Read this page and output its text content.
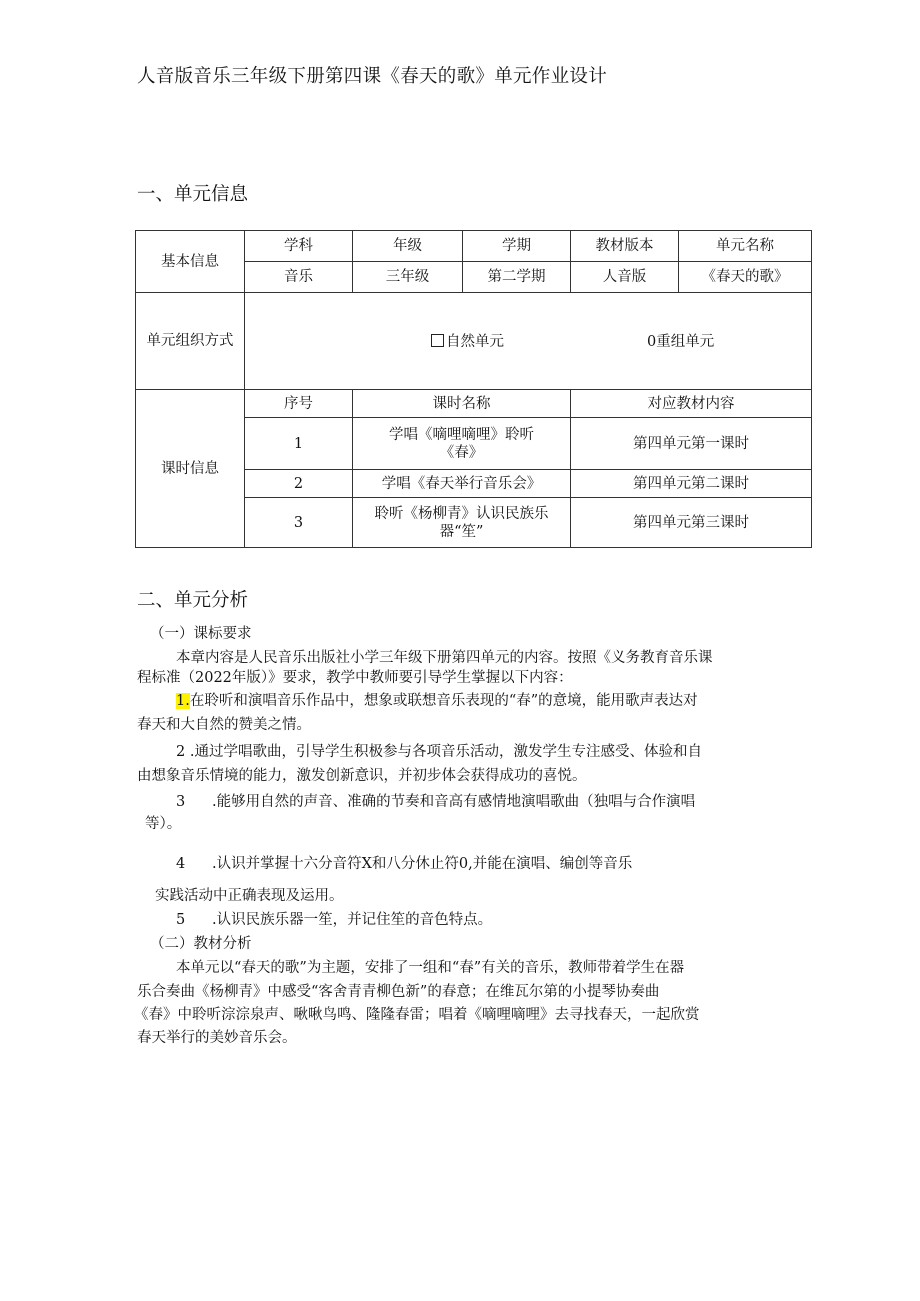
人音版音乐三年级下册第四课《春天的歌》单元作业设计
一、单元信息
基本信息	学科	年级	学期	教材版本	单元名称
	音乐	三年级	第二学期	人音版	《春天的歌》
单元组织方式	自然单元 0重组单元				

课时信息	序号	课时名称		对应教材内容	
	1	学唱《嘀哩嘀哩》聆听
《春》		第四单元第一课时	
	2	学唱《春天举行音乐会》		第四单元第二课时	
	3	聆听《杨柳青》认识民族乐
器“笙”		第四单元第三课时	
二、单元分析
（一）课标要求
本章内容是人民音乐出版社小学三年级下册第四单元的内容。按照《义务教育音乐课
程标准（2022年版）》要求，教学中教师要引导学生掌握以下内容：
1.在聆听和演唱音乐作品中，想象或联想音乐表现的“春”的意境，能用歌声表达对
春天和大自然的赞美之情。
2 .通过学唱歌曲，引导学生积极参与各项音乐活动，激发学生专注感受、体验和自
由想象音乐情境的能力，激发创新意识，并初步体会获得成功的喜悦。
3 .能够用自然的声音、准确的节奏和音高有感情地演唱歌曲（独唱与合作演唱
等）。
4 .认识并掌握十六分音符X和八分休止符0,并能在演唱、编创等音乐
实践活动中正确表现及运用。
5 .认识民族乐器一笙，并记住笙的音色特点。
（二）教材分析
本单元以“春天的歌”为主题，安排了一组和“春”有关的音乐，教师带着学生在器
乐合奏曲《杨柳青》中感受“客舍青青柳色新”的春意；在维瓦尔第的小提琴协奏曲
《春》中聆听淙淙泉声、啾啾鸟鸣、隆隆春雷；唱着《嘀哩嘀哩》去寻找春天，一起欣赏
春天举行的美妙音乐会。
